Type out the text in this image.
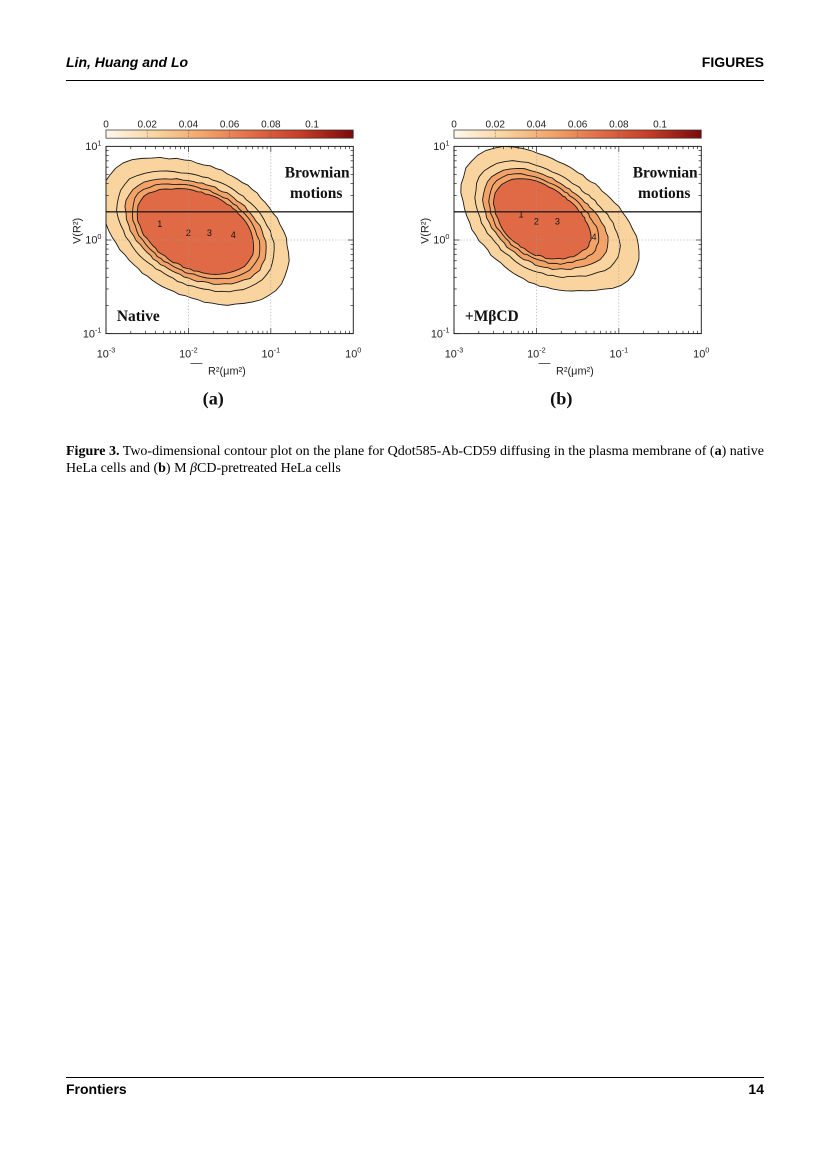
Lin, Huang and Lo	FIGURES
0	0.02 0.04 0.06 0.08 0.1
1
2 3 4
$10^{-3}$	$10^{-2}$	$10^{-1}$	$10^0$
$10^{-1}$
$10^0$
$10^1$
R²(μm²)
V(R²)
Brownian
motions
Native
(a)
0	0.02 0.04 0.06 0.08 0.1
1
2 3
4
$10^{-3}$	$10^{-2}$	$10^{-1}$	$10^0$
$10^{-1}$
$10^0$
$10^1$
R²(μm²)
V(R²)
Brownian
motions
+MβCD
(b)
Figure 3. Two-dimensional contour plot on the plane for Qdot585-Ab-CD59 diffusing in the plasma membrane of (a) native HeLa cells and (b) M βCD-pretreated HeLa cells
Frontiers	14
